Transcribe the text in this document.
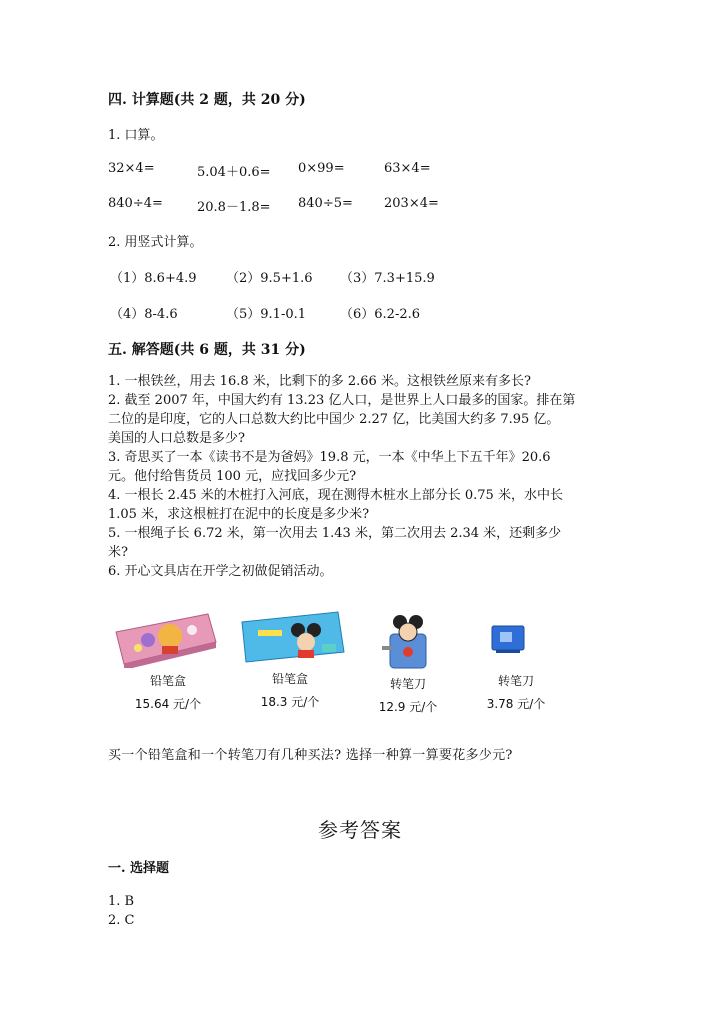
四. 计算题(共 2 题，共 20 分)
1. 口算。
32×4=	5.04＋0.6= 0×99=	63×4=
840÷4=	20.8－1.8= 840÷5= 203×4=
2. 用竖式计算。
（1）8.6+4.9 （2）9.5+1.6 （3）7.3+15.9
（4）8-4.6	（5）9.1-0.1	（6）6.2-2.6
五. 解答题(共 6 题，共 31 分)
1. 一根铁丝，用去 16.8 米，比剩下的多 2.66 米。这根铁丝原来有多长?
2. 截至 2007 年，中国大约有 13.23 亿人口，是世界上人口最多的国家。排在第
二位的是印度，它的人口总数大约比中国少 2.27 亿，比美国大约多 7.95 亿。
美国的人口总数是多少?
3. 奇思买了一本《读书不是为爸妈》19.8 元，一本《中华上下五千年》20.6
元。他付给售货员 100 元，应找回多少元?
4. 一根长 2.45 米的木桩打入河底，现在测得木桩水上部分长 0.75 米，水中长
1.05 米，求这根桩打在泥中的长度是多少米?
5. 一根绳子长 6.72 米，第一次用去 1.43 米，第二次用去 2.34 米，还剩多少
米?
6. 开心文具店在开学之初做促销活动。
铅笔盒
15.64 元/个
铅笔盒
18.3 元/个
转笔刀
12.9 元/个
转笔刀
3.78 元/个
买一个铅笔盒和一个转笔刀有几种买法? 选择一种算一算要花多少元?
参考答案
一. 选择题
1. B
2. C
